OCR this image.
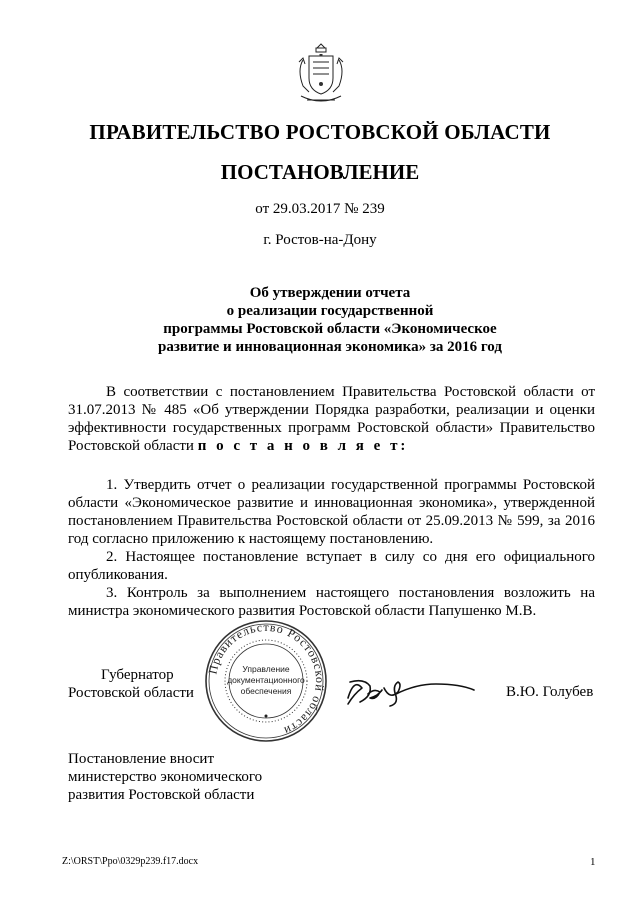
ПРАВИТЕЛЬСТВО РОСТОВСКОЙ ОБЛАСТИ
ПОСТАНОВЛЕНИЕ
от 29.03.2017 № 239
г. Ростов-на-Дону
Об утверждении отчета
о реализации государственной
программы Ростовской области «Экономическое
развитие и инновационная экономика» за 2016 год

В соответствии с постановлением Правительства Ростовской области от 31.07.2013 № 485 «Об утверждении Порядка разработки, реализации и оценки эффективности государственных программ Ростовской области» Правительство Ростовской области п о с т а н о в л я е т:

1. Утвердить отчет о реализации государственной программы Ростовской области «Экономическое развитие и инновационная экономика», утвержденной постановлением Правительства Ростовской области от 25.09.2013 № 599, за 2016 год согласно приложению к настоящему постановлению.

2. Настоящее постановление вступает в силу со дня его официального опубликования.

3. Контроль за выполнением настоящего постановления возложить на министра экономического развития Ростовской области Папушенко М.В.

Губернатор
Ростовской области
Правительство Ростовской области
Управление
документационного
обеспечения	В.Ю. Голубев
Постановление вносит
министерство экономического
развития Ростовской области
Z:\ORST\Ppo\0329p239.f17.docx	1
